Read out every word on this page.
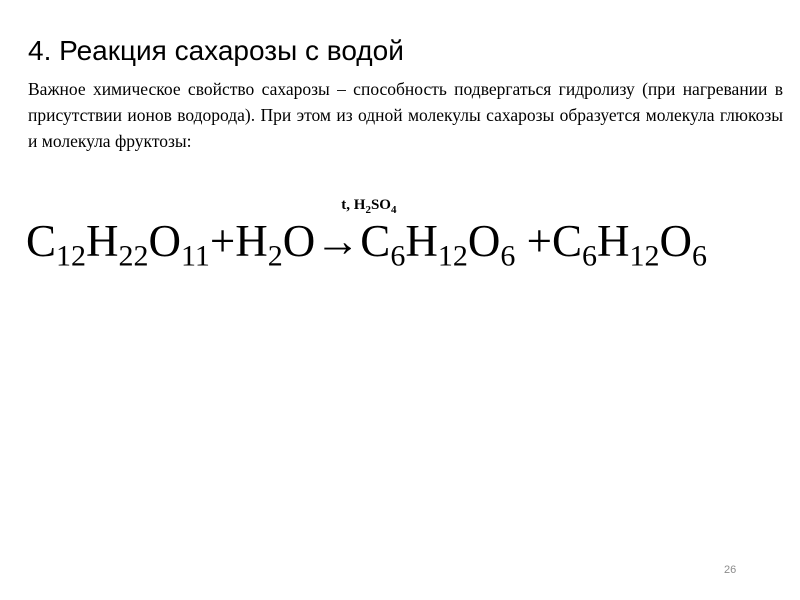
4. Реакция сахарозы с водой

Важное химическое свойство сахарозы – способность подвергаться гидролизу (при нагревании в присутствии ионов водорода). При этом из одной молекулы сахарозы образуется молекула глюкозы и молекула фруктозы:

$C_{12}H_{22}O_{11}+H_2O$
t, $H_2SO_4$
$\to C_6H_{12}O_6 +C_6H_{12}O_6$
26
